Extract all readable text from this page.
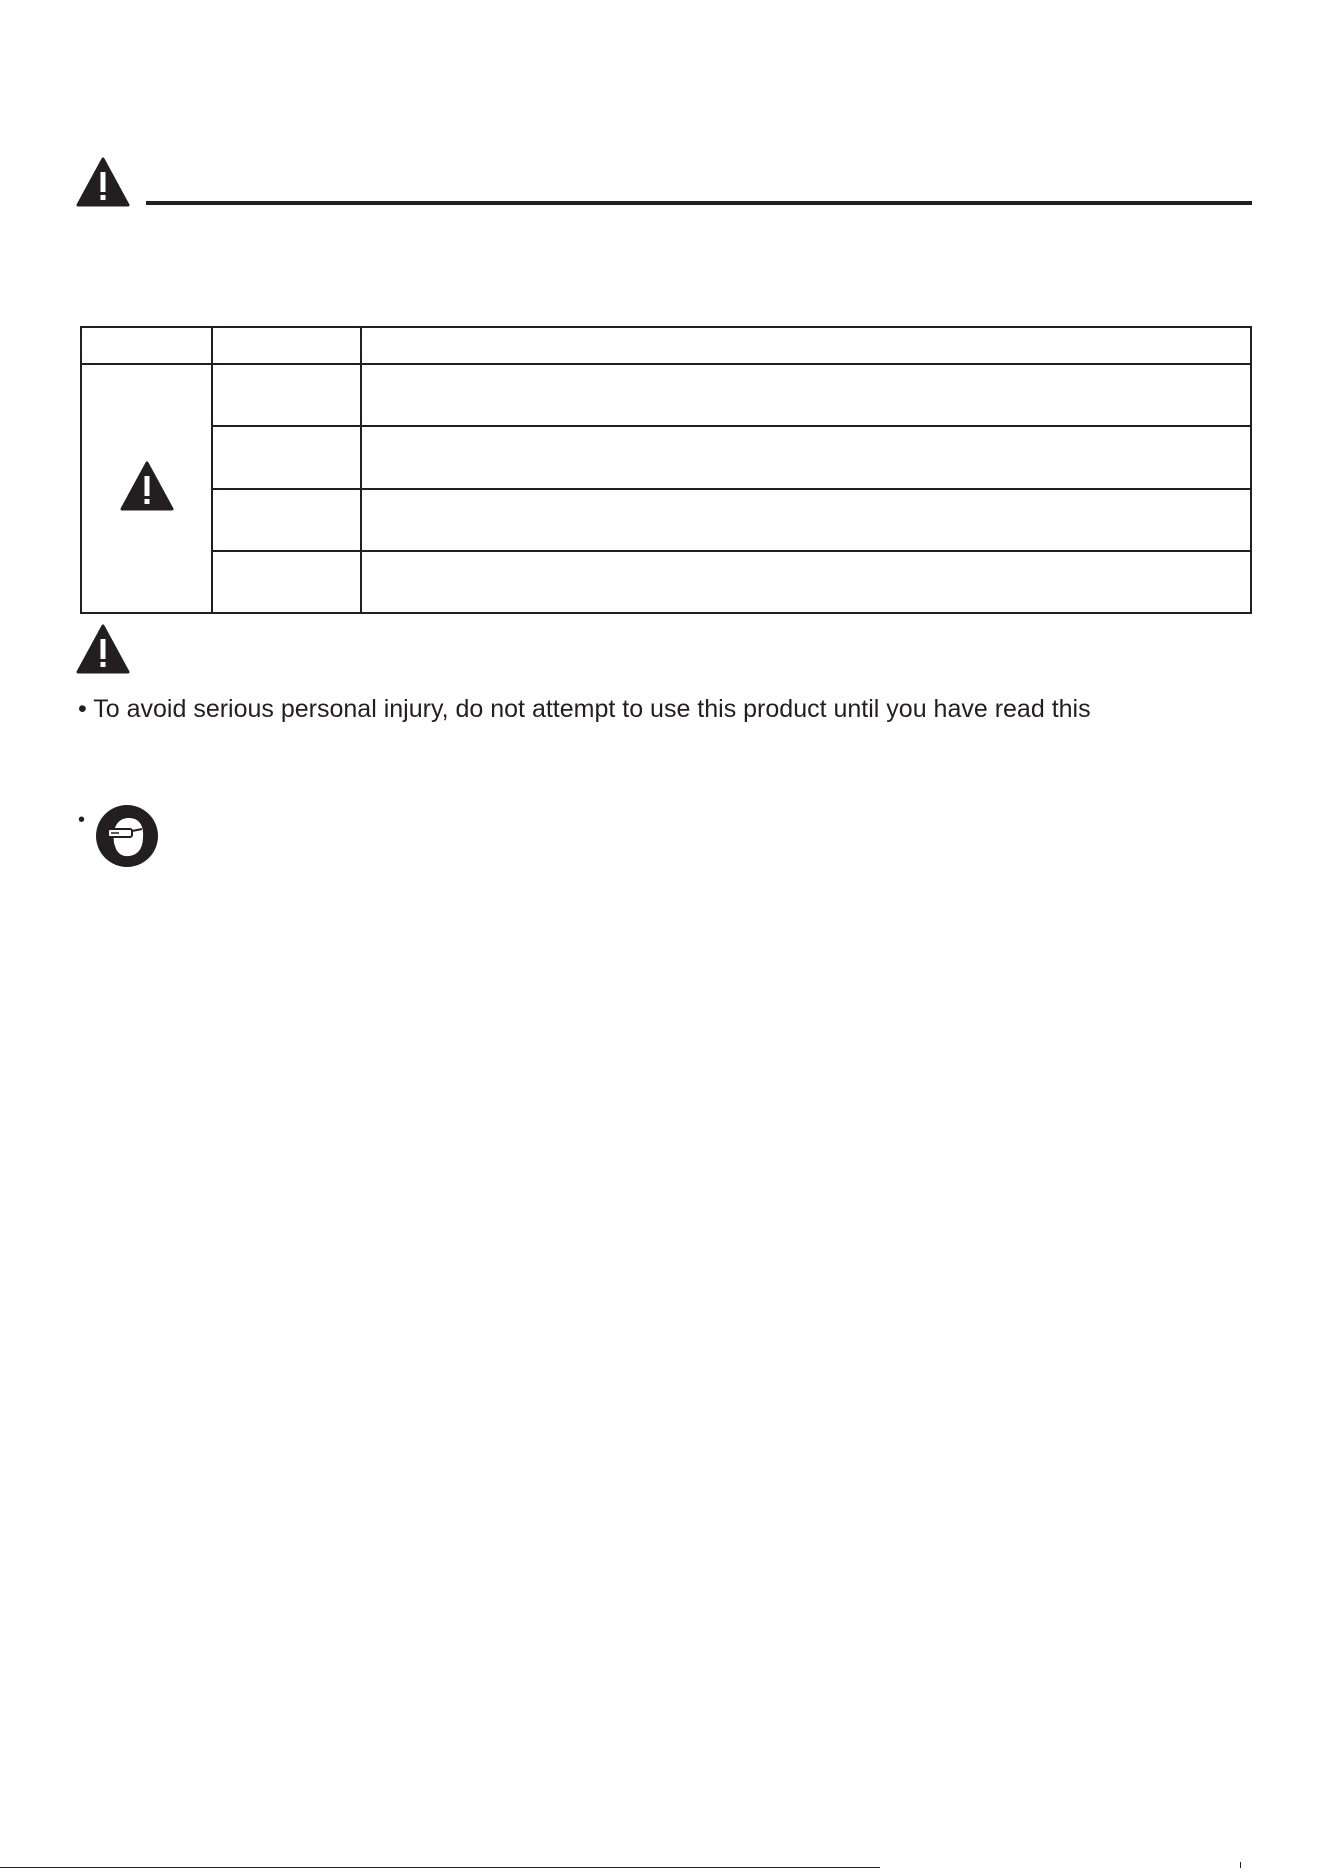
• To avoid serious personal injury, do not attempt to use this product until you have read this
•
